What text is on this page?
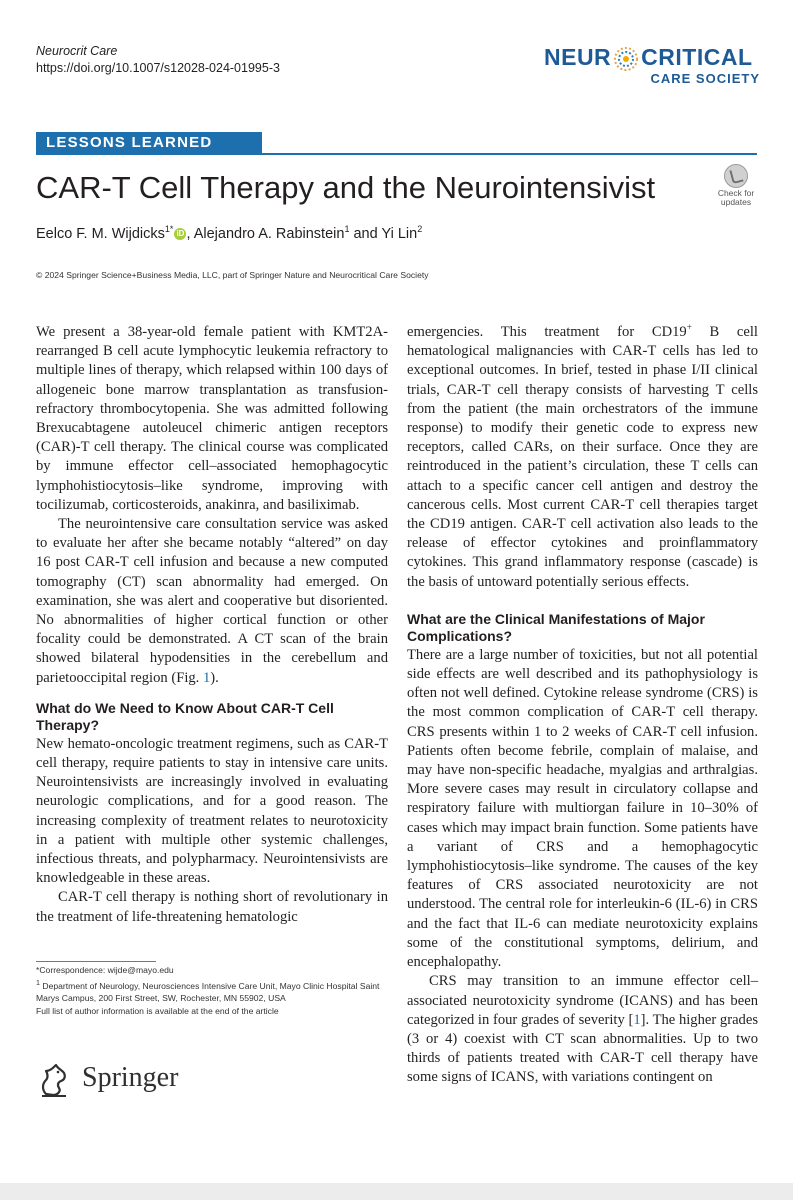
Neurocrit Care
https://doi.org/10.1007/s12028-024-01995-3	NEUR CRITICAL
CARE SOCIETY
LESSONS LEARNED
CAR-T Cell Therapy and the Neurointensivist	Check for
updates
Eelco F. M. Wijdicks$^{1*}$ iD , Alejandro A. Rabinstein$^1$ and Yi Lin$^2$
© 2024 Springer Science+Business Media, LLC, part of Springer Nature and Neurocritical Care Society

We present a 38-year-old female patient with KMT2A-rearranged B cell acute lymphocytic leukemia refractory to multiple lines of therapy, which relapsed within 100 days of allogeneic bone marrow transplantation as transfusion-refractory thrombocytopenia. She was admitted following Brexucabtagene autoleucel chimeric antigen receptors (CAR)-T cell therapy. The clinical course was complicated by immune effector cell–associated hemophagocytic lymphohistiocytosis–like syndrome, improving with tocilizumab, corticosteroids, anakinra, and basiliximab.

The neurointensive care consultation service was asked to evaluate her after she became notably “altered” on day 16 post CAR-T cell infusion and because a new computed tomography (CT) scan abnormality had emerged. On examination, she was alert and cooperative but disoriented. No abnormalities of higher cortical function or other focality could be demonstrated. A CT scan of the brain showed bilateral hypodensities in the cerebellum and parietooccipital region (Fig. 1).

What do We Need to Know About CAR-T Cell Therapy?

New hemato-oncologic treatment regimens, such as CAR-T cell therapy, require patients to stay in intensive care units. Neurointensivists are increasingly involved in evaluating neurologic complications, and for a good reason. The increasing complexity of treatment relates to neurotoxicity in a patient with multiple other systemic challenges, infectious threats, and polypharmacy. Neurointensivists are knowledgeable in these areas.

CAR-T cell therapy is nothing short of revolutionary in the treatment of life-threatening hematologic

emergencies. This treatment for CD19+ B cell hematological malignancies with CAR-T cells has led to exceptional outcomes. In brief, tested in phase I/II clinical trials, CAR-T cell therapy consists of harvesting T cells from the patient (the main orchestrators of the immune response) to modify their genetic code to express new receptors, called CARs, on their surface. Once they are reintroduced in the patient’s circulation, these T cells can attach to a specific cancer cell antigen and destroy the cancerous cells. Most current CAR-T cell therapies target the CD19 antigen. CAR-T cell activation also leads to the release of effector cytokines and proinflammatory cytokines. This grand inflammatory response (cascade) is the basis of untoward potentially serious effects.

What are the Clinical Manifestations of Major Complications?

There are a large number of toxicities, but not all potential side effects are well described and its pathophysiology is often not well defined. Cytokine release syndrome (CRS) is the most common complication of CAR-T cell therapy. CRS presents within 1 to 2 weeks of CAR-T cell infusion. Patients often become febrile, complain of malaise, and may have non-specific headache, myalgias and arthralgias. More severe cases may result in circulatory collapse and respiratory failure with multiorgan failure in 10–30% of cases which may impact brain function. Some patients have a variant of CRS and a hemophagocytic lymphohistiocytosis–like syndrome. The causes of the key features of CRS associated neurotoxicity are not understood. The central role for interleukin-6 (IL-6) in CRS and the fact that IL-6 can mediate neurotoxicity explains some of the constitutional symptoms, delirium, and encephalopathy.

CRS may transition to an immune effector cell–associated neurotoxicity syndrome (ICANS) and has been categorized in four grades of severity [1]. The higher grades (3 or 4) coexist with CT scan abnormalities. Up to two thirds of patients treated with CAR-T cell therapy have some signs of ICANS, with variations contingent on

*Correspondence: wijde@mayo.edu

$^1$ Department of Neurology, Neurosciences Intensive Care Unit, Mayo Clinic Hospital Saint Marys Campus, 200 First Street, SW, Rochester, MN 55902, USA

Full list of author information is available at the end of the article

Springer
